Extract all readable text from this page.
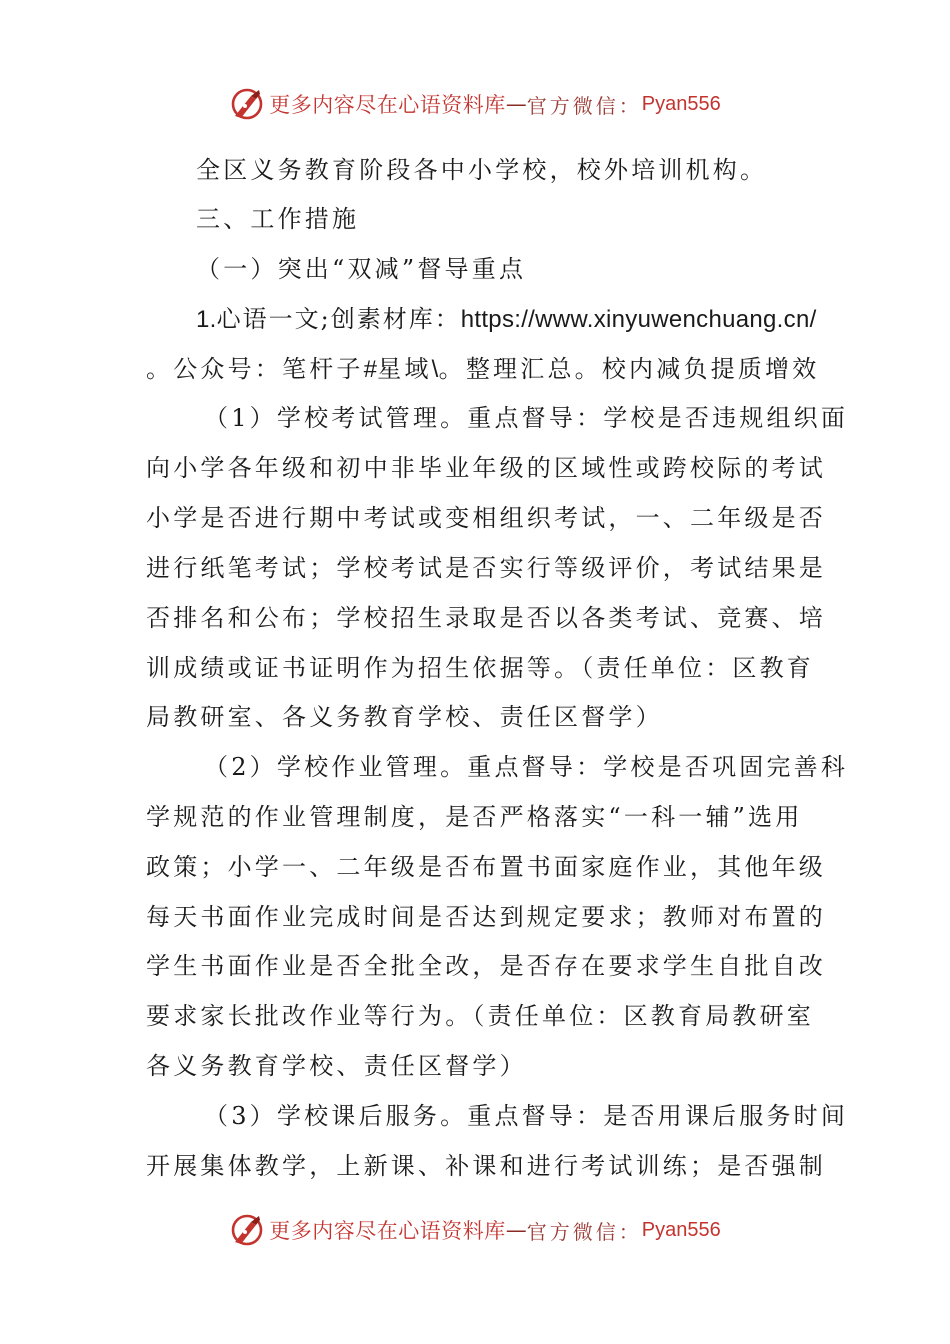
更多内容尽在心语资料库 — 官方微信： Pyan556
全区义务教育阶段各中小学校，校外培训机构。
三、工作措施
（一）突出“双减”督导重点
1.心语一文;创素材库：https://www.xinyuwenchuang.cn/
。公众号：笔杆子#星域\。整理汇总。校内减负提质增效
（1）学校考试管理。重点督导：学校是否违规组织面
向小学各年级和初中非毕业年级的区域性或跨校际的考试
小学是否进行期中考试或变相组织考试，一、二年级是否
进行纸笔考试；学校考试是否实行等级评价，考试结果是
否排名和公布；学校招生录取是否以各类考试、竞赛、培
训成绩或证书证明作为招生依据等。（责任单位：区教育
局教研室、各义务教育学校、责任区督学）
（2）学校作业管理。重点督导：学校是否巩固完善科
学规范的作业管理制度，是否严格落实“一科一辅”选用
政策；小学一、二年级是否布置书面家庭作业，其他年级
每天书面作业完成时间是否达到规定要求；教师对布置的
学生书面作业是否全批全改，是否存在要求学生自批自改
要求家长批改作业等行为。（责任单位：区教育局教研室
各义务教育学校、责任区督学）
（3）学校课后服务。重点督导：是否用课后服务时间
开展集体教学，上新课、补课和进行考试训练；是否强制
更多内容尽在心语资料库 — 官方微信： Pyan556
